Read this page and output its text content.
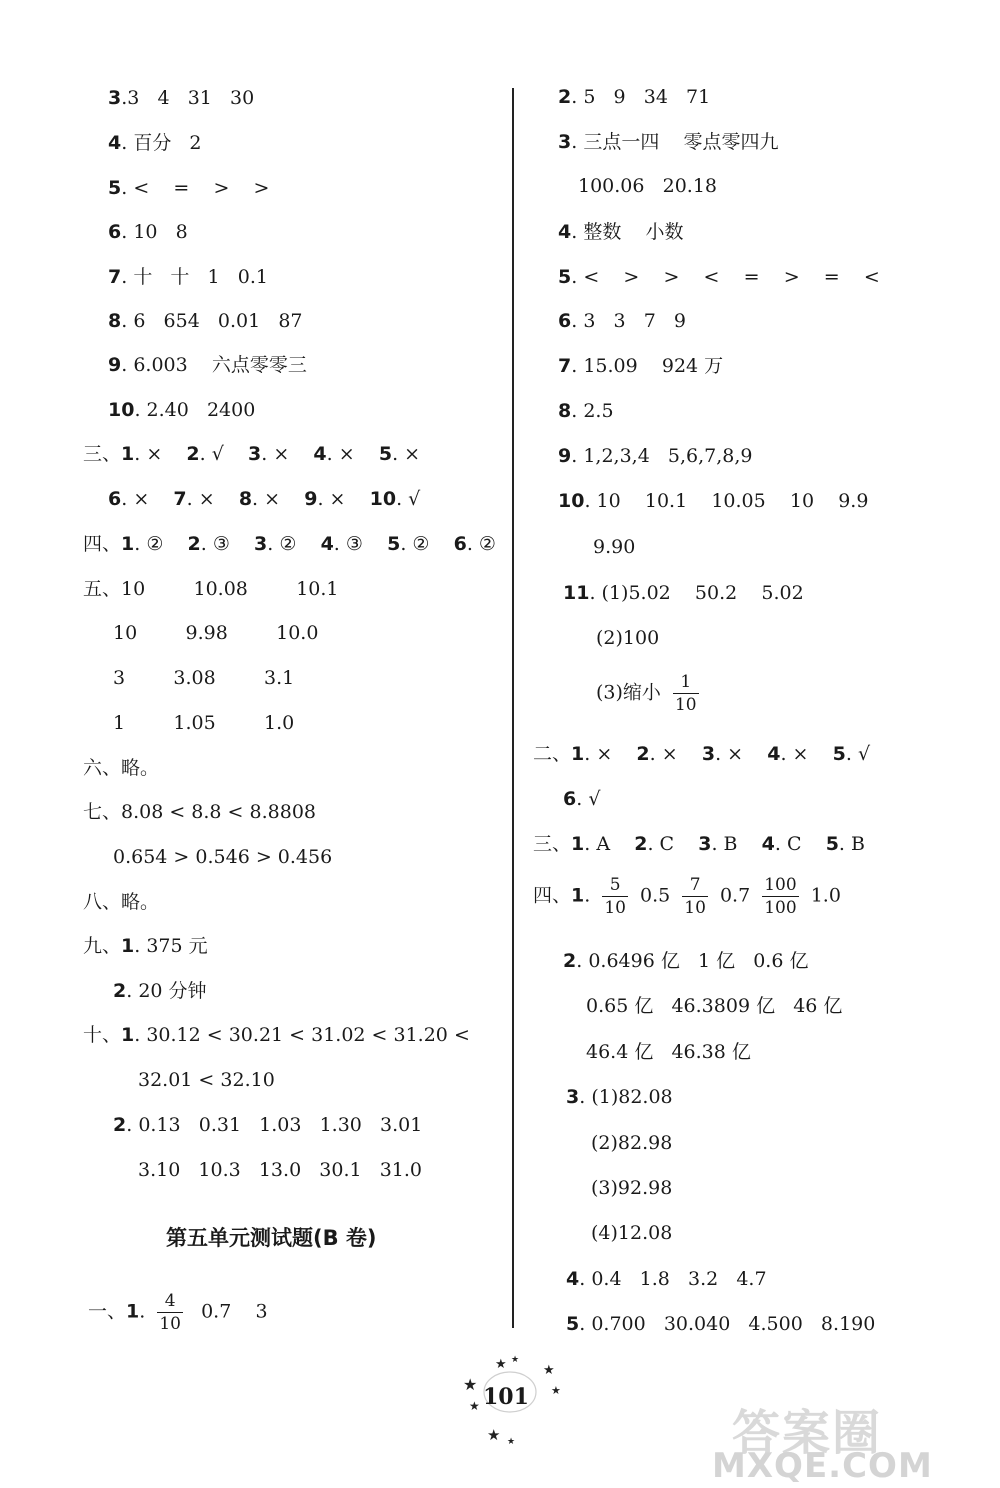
3.3   4   31   30
4. 百分   2
5. <    =    >    >
6. 10   8
7. 十   十   1   0.1
8. 6   654   0.01   87
9. 6.003    六点零零三
10. 2.40   2400
三、1. ×    2. √    3. ×    4. ×    5. ×
6. ×    7. ×    8. ×    9. ×    10. √
四、1. ②    2. ③    3. ②    4. ③    5. ②    6. ②
五、10        10.08        10.1
10        9.98        10.0
3        3.08        3.1
1        1.05        1.0
六、略。
七、8.08 < 8.8 < 8.8808
0.654 > 0.546 > 0.456
八、略。
九、1. 375 元
2. 20 分钟
十、1. 30.12 < 30.21 < 31.02 < 31.20 <
32.01 < 32.10
2. 0.13   0.31   1.03   1.30   3.01
3.10   10.3   13.0   30.1   31.0
第五单元测试题(B 卷)
一、1. $\frac{4}{10} 0.7$    3
2. 5   9   34   71
3. 三点一四    零点零四九
100.06   20.18
4. 整数    小数
5. <    >    >    <    =    >    =    <
6. 3   3   7   9
7. 15.09    924 万
8. 2.5
9. 1,2,3,4   5,6,7,8,9
10. 10    10.1    10.05    10    9.9
9.90
11. (1)5.02    50.2    5.02
(2)100
(3)缩小 $\frac{1}{10}$
二、1. ×    2. ×    3. ×    4. ×    5. √
6. √
三、1. A    2. C    3. B    4. C    5. B
四、1. $\frac{5}{10} 0.5 \frac{7}{10} 0.7 \frac{100}{100} 1.0$
2. 0.6496 亿   1 亿   0.6 亿
0.65 亿   46.3809 亿   46 亿
46.4 亿   46.38 亿
3. (1)82.08
(2)82.98
(3)92.98
(4)12.08
4. 0.4   1.8   3.2   4.7
5. 0.700   30.040   4.500   8.190
★
★ ★
★
★
★
★ ★
101
答案圈
MXQE.COM
